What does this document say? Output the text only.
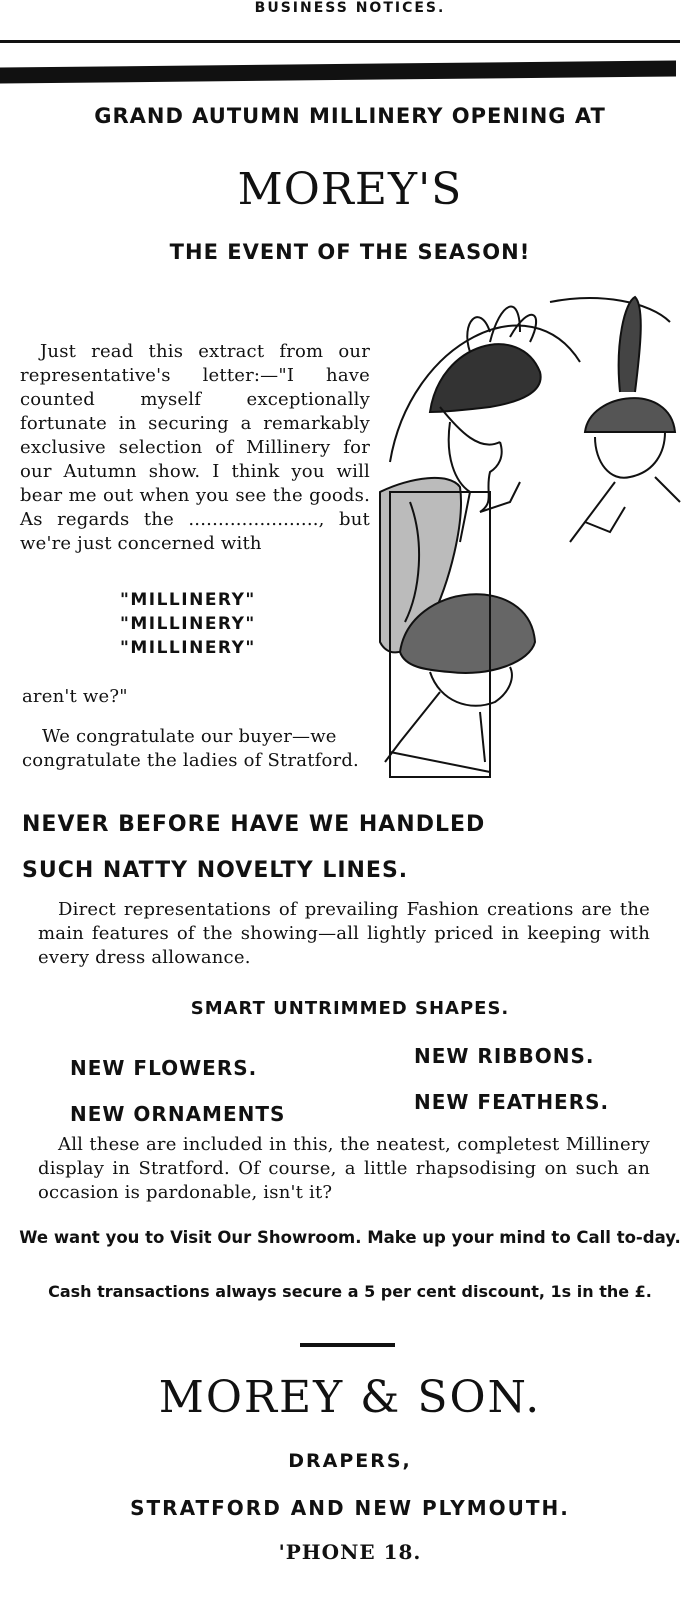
BUSINESS NOTICES.
GRAND AUTUMN MILLINERY OPENING AT
MOREY'S
THE EVENT OF THE SEASON!
Just read this extract from our representative's letter:—"I have counted myself exceptionally fortunate in securing a remarkably exclusive selection of Millinery for our Autumn show. I think you will bear me out when you see the goods. As regards the ......................, but we're just concerned with
"MILLINERY"
"MILLINERY"
"MILLINERY"
aren't we?"
We congratulate our buyer—we congratulate the ladies of Stratford.
NEVER BEFORE HAVE WE HANDLED
SUCH NATTY NOVELTY LINES.
Direct representations of prevailing Fashion creations are the main features of the showing—all lightly priced in keeping with every dress allowance.
SMART UNTRIMMED SHAPES.
NEW FLOWERS.	NEW RIBBONS.
NEW ORNAMENTS	NEW FEATHERS.
All these are included in this, the neatest, completest Millinery display in Stratford. Of course, a little rhapsodising on such an occasion is pardonable, isn't it?
We want you to Visit Our Showroom. Make up your mind to Call to-day.
Cash transactions always secure a 5 per cent discount, 1s in the £.
MOREY & SON.
DRAPERS,
STRATFORD AND NEW PLYMOUTH.
'PHONE 18.
